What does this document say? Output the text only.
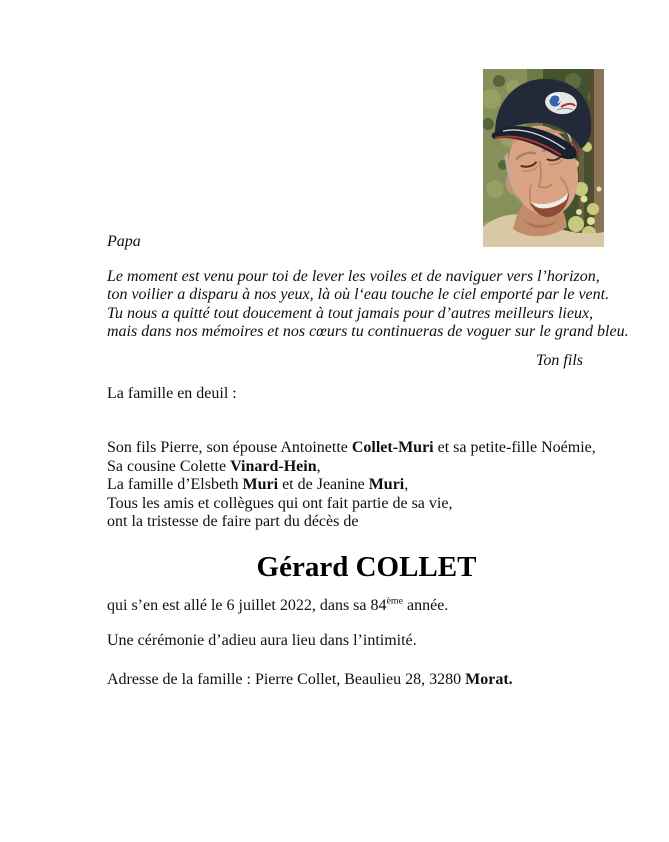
Papa
Le moment est venu pour toi de lever les voiles et de naviguer vers l’horizon,
ton voilier a disparu à nos yeux, là où l‘eau touche le ciel emporté par le vent.
Tu nous a quitté tout doucement à tout jamais pour d’autres meilleurs lieux,
mais dans nos mémoires et nos cœurs tu continueras de voguer sur le grand bleu.
Ton fils
La famille en deuil :
Son fils Pierre, son épouse Antoinette Collet-Muri et sa petite-fille Noémie,
Sa cousine Colette Vinard-Hein,
La famille d’Elsbeth Muri et de Jeanine Muri,
Tous les amis et collègues qui ont fait partie de sa vie,
ont la tristesse de faire part du décès de
Gérard COLLET
qui s’en est allé le 6 juillet 2022, dans sa 84ème année.
Une cérémonie d’adieu aura lieu dans l’intimité.
Adresse de la famille : Pierre Collet, Beaulieu 28, 3280 Morat.
